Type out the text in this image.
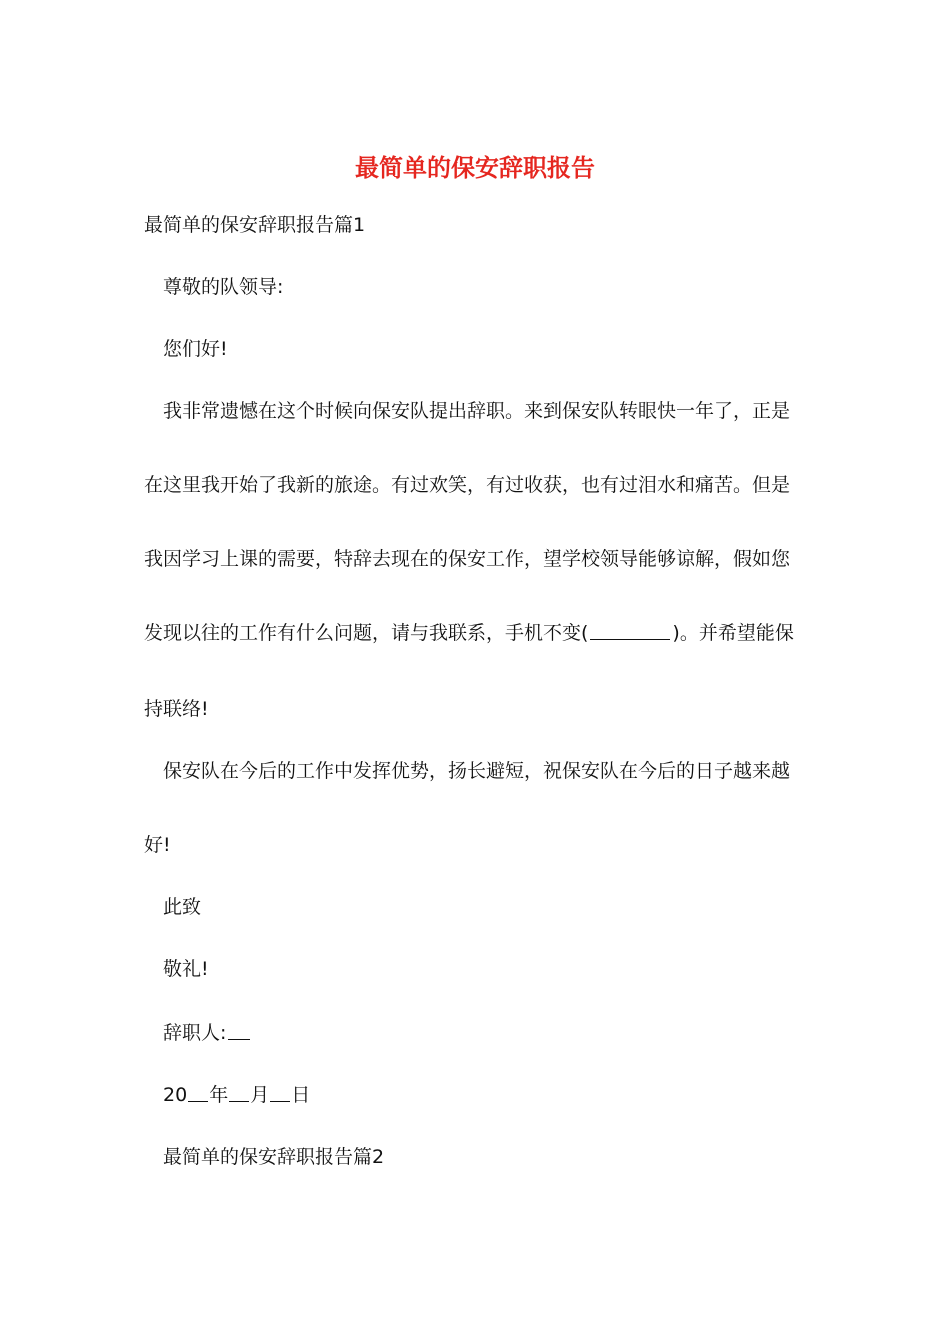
最简单的保安辞职报告
最简单的保安辞职报告篇1
尊敬的队领导:
您们好!
我非常遗憾在这个时候向保安队提出辞职。来到保安队转眼快一年了，正是
在这里我开始了我新的旅途。有过欢笑，有过收获，也有过泪水和痛苦。但是
我因学习上课的需要，特辞去现在的保安工作，望学校领导能够谅解，假如您
发现以往的工作有什么问题，请与我联系，手机不变(	)。并希望能保
持联络!
保安队在今后的工作中发挥优势，扬长避短，祝保安队在今后的日子越来越
好!
此致
敬礼!
辞职人:
20 年 月 日
最简单的保安辞职报告篇2
